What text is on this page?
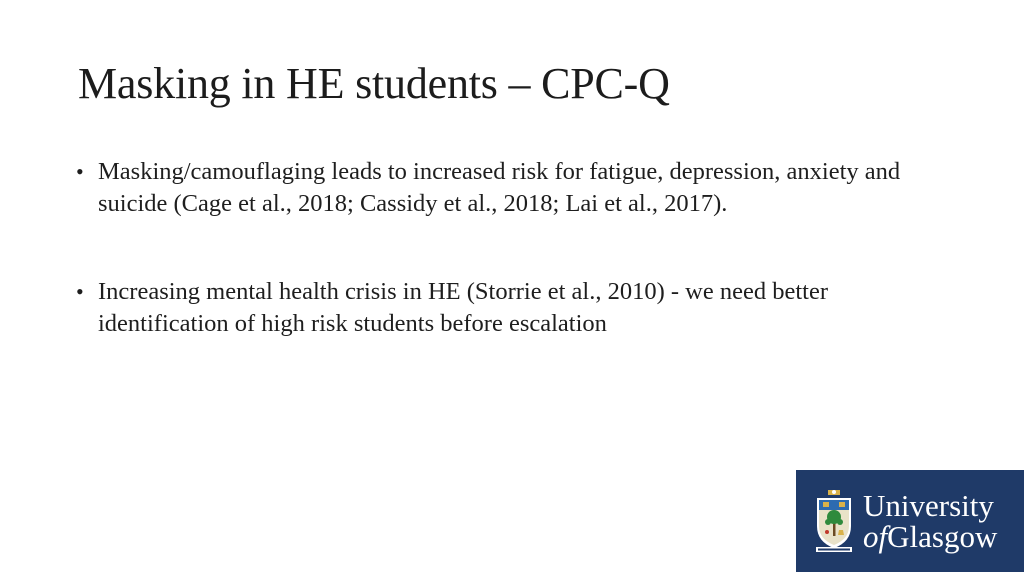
Masking in HE students – CPC-Q
• Masking/camouflaging leads to increased risk for fatigue, depression, anxiety and suicide (Cage et al., 2018; Cassidy et al., 2018; Lai et al., 2017).
• Increasing mental health crisis in HE (Storrie et al., 2010) - we need better identification of high risk students before escalation
University
ofGlasgow
